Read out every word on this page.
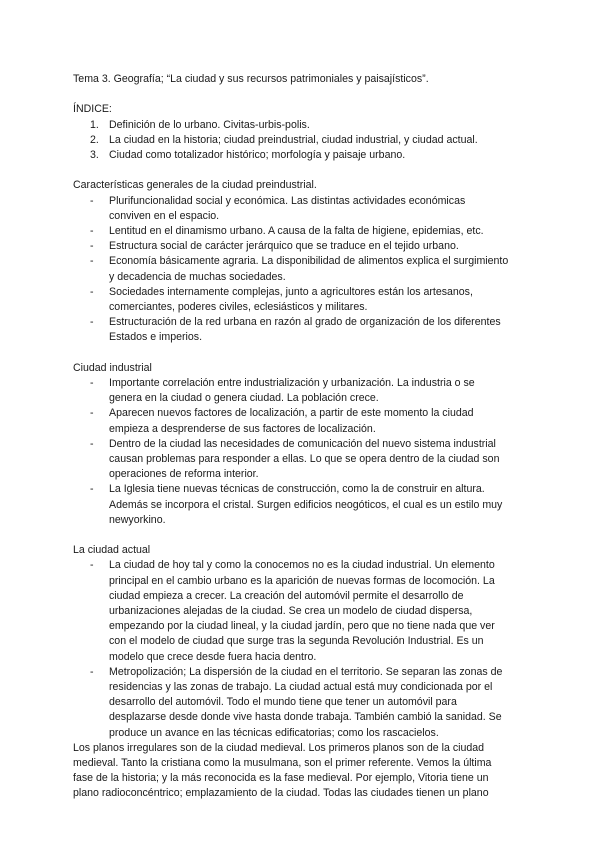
Tema 3. Geografía; “La ciudad y sus recursos patrimoniales y paisajísticos”.

ÍNDICE:

1. Definición de lo urbano. Civitas-urbis-polis.
2. La ciudad en la historia; ciudad preindustrial, ciudad industrial, y ciudad actual.
3. Ciudad como totalizador histórico; morfología y paisaje urbano.

Características generales de la ciudad preindustrial.

- Plurifuncionalidad social y económica. Las distintas actividades económicas
conviven en el espacio.
- Lentitud en el dinamismo urbano. A causa de la falta de higiene, epidemias, etc.
- Estructura social de carácter jerárquico que se traduce en el tejido urbano.
- Economía básicamente agraria. La disponibilidad de alimentos explica el surgimiento
y decadencia de muchas sociedades.
- Sociedades internamente complejas, junto a agricultores están los artesanos,
comerciantes, poderes civiles, eclesiásticos y militares.
- Estructuración de la red urbana en razón al grado de organización de los diferentes
Estados e imperios.

Ciudad industrial

- Importante correlación entre industrialización y urbanización. La industria o se
genera en la ciudad o genera ciudad. La población crece.
- Aparecen nuevos factores de localización, a partir de este momento la ciudad
empieza a desprenderse de sus factores de localización.
- Dentro de la ciudad las necesidades de comunicación del nuevo sistema industrial
causan problemas para responder a ellas. Lo que se opera dentro de la ciudad son
operaciones de reforma interior.
- La Iglesia tiene nuevas técnicas de construcción, como la de construir en altura.
Además se incorpora el cristal. Surgen edificios neogóticos, el cual es un estilo muy
newyorkino.

La ciudad actual

- La ciudad de hoy tal y como la conocemos no es la ciudad industrial. Un elemento
principal en el cambio urbano es la aparición de nuevas formas de locomoción. La
ciudad empieza a crecer. La creación del automóvil permite el desarrollo de
urbanizaciones alejadas de la ciudad. Se crea un modelo de ciudad dispersa,
empezando por la ciudad lineal, y la ciudad jardín, pero que no tiene nada que ver
con el modelo de ciudad que surge tras la segunda Revolución Industrial. Es un
modelo que crece desde fuera hacia dentro.
- Metropolización; La dispersión de la ciudad en el territorio. Se separan las zonas de
residencias y las zonas de trabajo. La ciudad actual está muy condicionada por el
desarrollo del automóvil. Todo el mundo tiene que tener un automóvil para
desplazarse desde donde vive hasta donde trabaja. También cambió la sanidad. Se
produce un avance en las técnicas edificatorias; como los rascacielos.

Los planos irregulares son de la ciudad medieval. Los primeros planos son de la ciudad

medieval. Tanto la cristiana como la musulmana, son el primer referente. Vemos la última

fase de la historia; y la más reconocida es la fase medieval. Por ejemplo, Vitoria tiene un

plano radioconcéntrico; emplazamiento de la ciudad. Todas las ciudades tienen un plano
